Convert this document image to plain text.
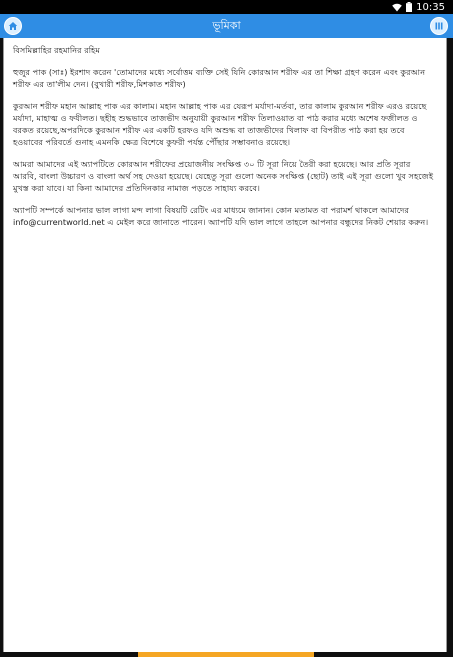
10:35
ভূমিকা

বিসমিল্লাহির রহমানির রহিম

হুজুর পাক (সাঃ) ইরশাদ করেন 'তোমাদের মধ্যে সর্বোত্তম ব্যক্তি সেই যিনি কোরআন শরীফ এর তা শিক্ষা গ্রহণ করেন এবং কুরআন শরীফ এর তা'লীম দেন। (বুখারী শরীফ,মিশকাত শরীফ)

কুরআন শরীফ মহান আল্লাহ পাক এর কালাম। মহান আল্লাহ পাক এর যেরূপ মর্যাদা-মর্তবা, তার কালাম কুরআন শরীফ এরও রয়েছে মর্যাদা, মাহাত্ম ও ফযীলত। ছহীহ শুদ্ধভাবে তাজভীদ অনুযায়ী কুরআন শরীফ তিলাওয়াত বা পাঠ করার মধ্যে অশেষ ফজীলত ও বরকত রয়েছে,অপরদিকে কুরআন শরীফ এর একটি হরফও যদি অশুদ্ধ বা তাজভীদের খিলাফ বা বিপরীত পাঠ করা হয় তবে হওয়াবের পরিবর্তে গুনাহ এমনকি ক্ষেত্র বিশেষে কুফরী পর্যন্ত পৌঁছার সম্ভাবনাও রয়েছে।

আমরা আমাদের এই অ্যাপটিতে কোরআন শরীফের প্রয়োজনীয় সংক্ষিপ্ত ৩০ টি সূরা নিয়ে তৈরী করা হয়েছে। আর প্রতি সূরার আরবি, বাংলা উচ্চারণ ও বাংলা অর্থ সহ দেওয়া হয়েছে। যেহেতু সূরা গুলো অনেক সংক্ষিপ্ত (ছোট) তাই এই সূরা গুলো খুব সহজেই মুখস্ত করা যাবে। যা কিনা আমাদের প্রতিদিনকার নামাজ পড়তে সাহায্য করবে।

অ্যাপটি সম্পর্কে আপনার ভাল লাগা মন্দ লাগা বিষয়টি রেটিং এর মাধ্যমে জানান। কোন মতামত বা পরামর্শ থাকলে আমাদের info@currentworld.net এ মেইল করে জানাতে পারেন। অ্যাপটি যদি ভাল লাগে তাহলে আপনার বন্ধুদের নিকট শেয়ার করুন।
